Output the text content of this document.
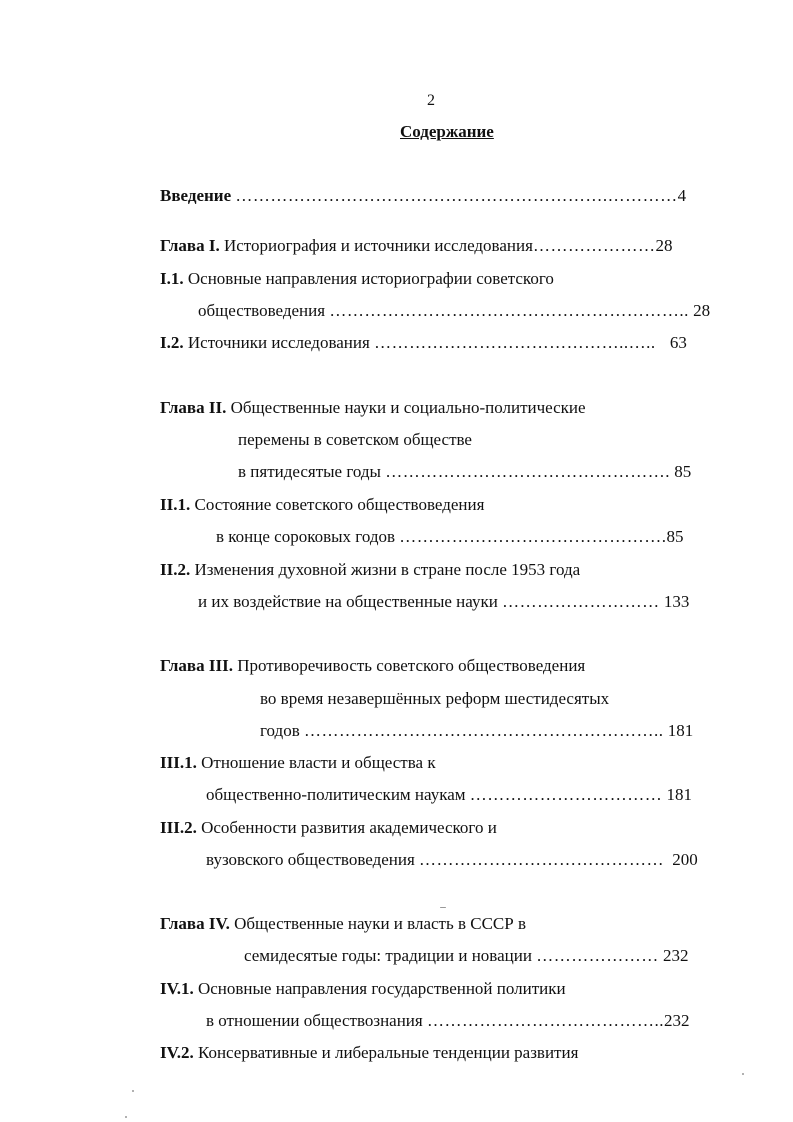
2
Содержание
Введение ……………………………………………………….…………4
Глава I. Историография и источники исследования…………………28
I.1. Основные направления историографии советского
обществоведения …………………………………………………….. 28
I.2. Источники исследования ……………………………………..….. 63
Глава II. Общественные науки и социально-политические
перемены в советском обществе
в пятидесятые годы …………………………………………. 85
II.1. Состояние советского обществоведения
в конце сороковых годов ……………………………………….85
II.2. Изменения духовной жизни в стране после 1953 года
и их воздействие на общественные науки ……………………… 133
Глава III. Противоречивость советского обществоведения
во время незавершённых реформ шестидесятых
годов …………………………………………………….. 181
III.1. Отношение власти и общества к
общественно-политическим наукам …………………………… 181
III.2. Особенности развития академического и
вузовского обществоведения …………………………………… 200
Глава IV. Общественные науки и власть в СССР в
семидесятые годы: традиции и новации ………………… 232
IV.1. Основные направления государственной политики
в отношении обществознания …………………………………..232
IV.2. Консервативные и либеральные тенденции развития
